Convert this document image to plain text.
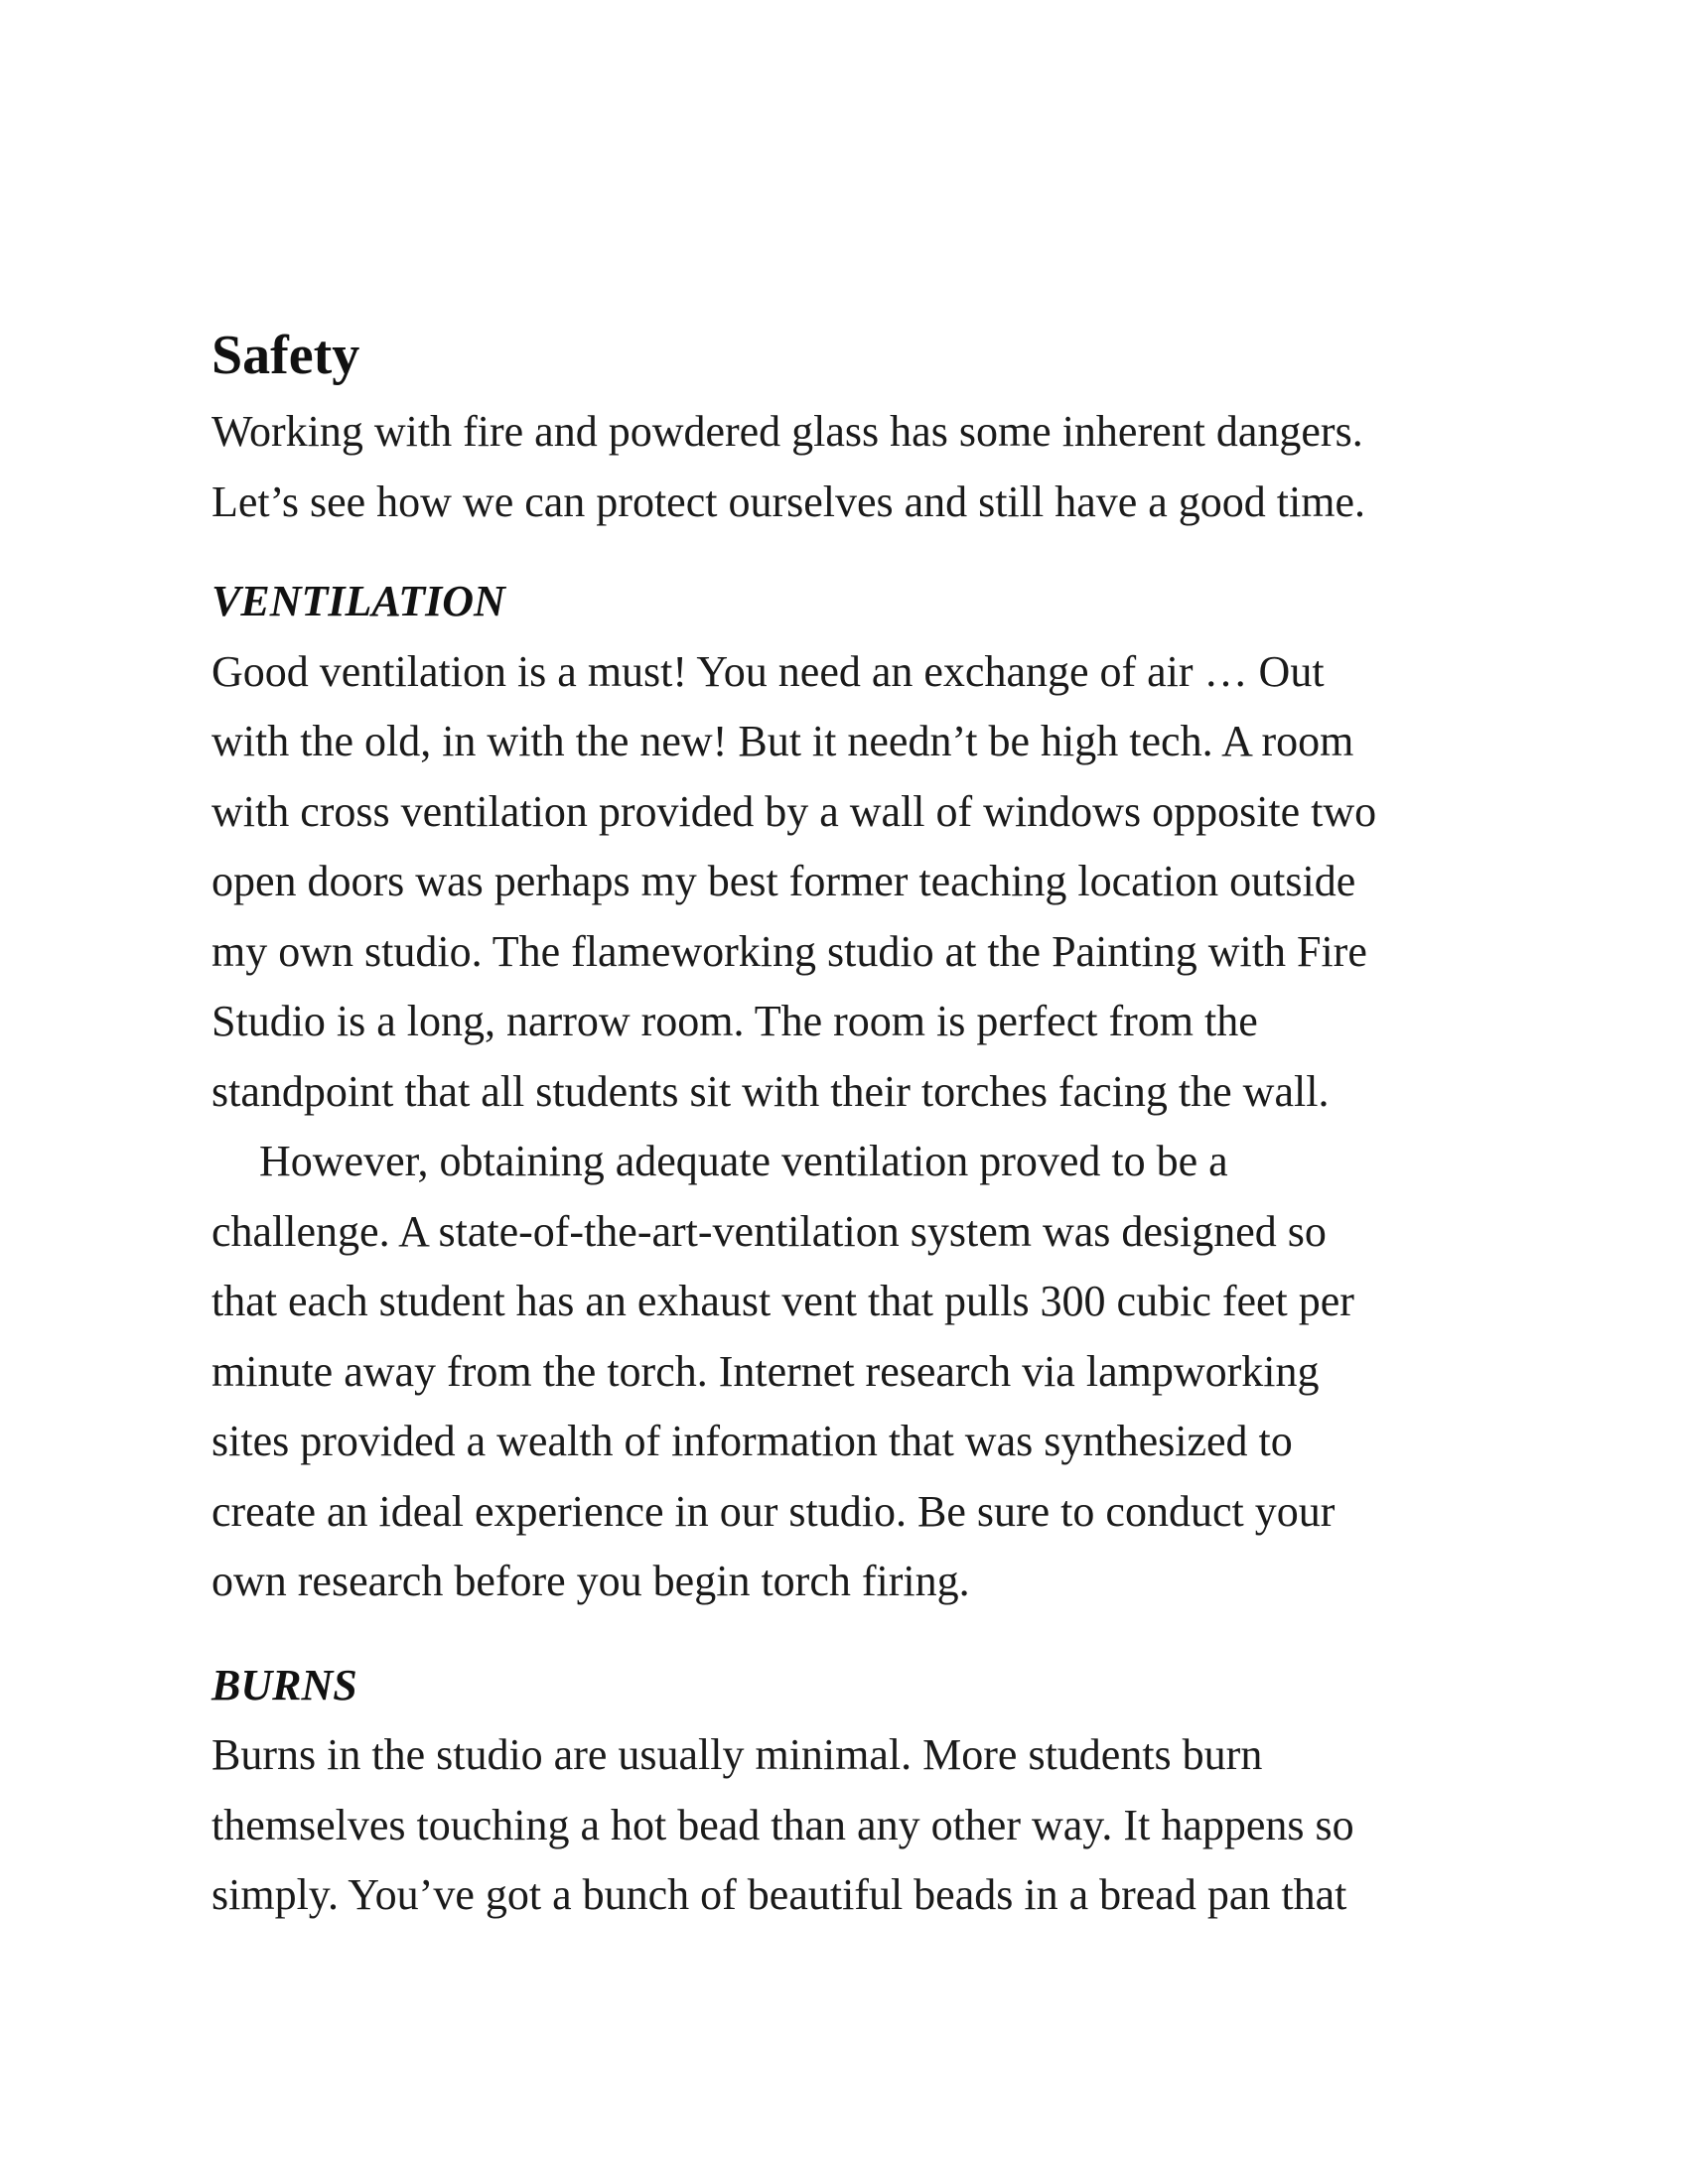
Safety

Working with fire and powdered glass has some inherent dangers.

Let’s see how we can protect ourselves and still have a good time.

VENTILATION

Good ventilation is a must! You need an exchange of air … Out

with the old, in with the new! But it needn’t be high tech. A room

with cross ventilation provided by a wall of windows opposite two

open doors was perhaps my best former teaching location outside

my own studio. The flameworking studio at the Painting with Fire

Studio is a long, narrow room. The room is perfect from the

standpoint that all students sit with their torches facing the wall.

However, obtaining adequate ventilation proved to be a

challenge. A state-of-the-art-ventilation system was designed so

that each student has an exhaust vent that pulls 300 cubic feet per

minute away from the torch. Internet research via lampworking

sites provided a wealth of information that was synthesized to

create an ideal experience in our studio. Be sure to conduct your

own research before you begin torch firing.

BURNS

Burns in the studio are usually minimal. More students burn

themselves touching a hot bead than any other way. It happens so

simply. You’ve got a bunch of beautiful beads in a bread pan that
